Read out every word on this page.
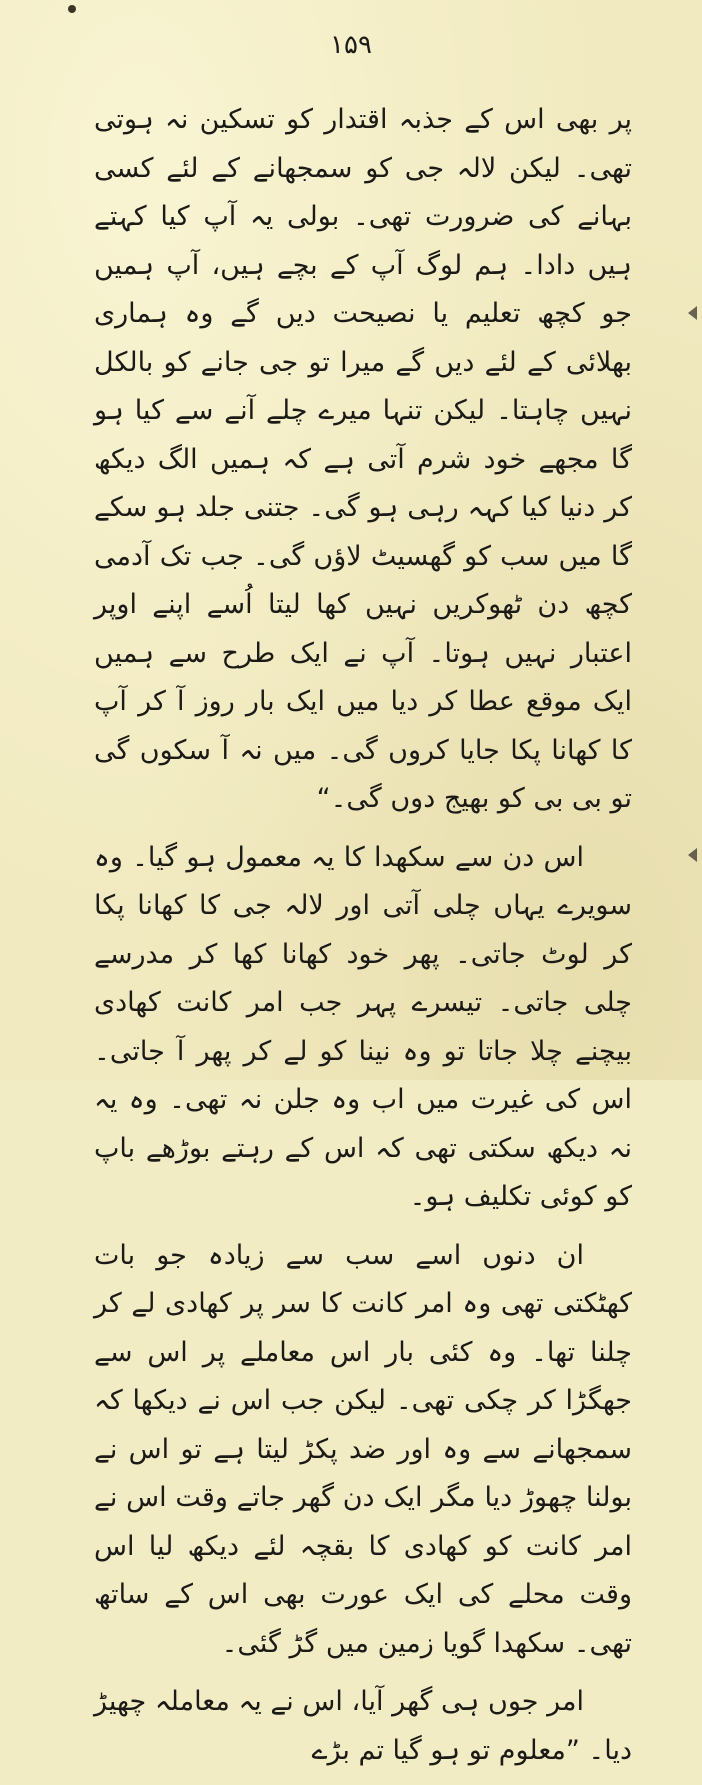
۱۵۹

پر بھی اس کے جذبہ اقتدار کو تسکین نہ ہوتی تھی۔ لیکن لالہ جی کو سمجھانے کے لئے کسی بہانے کی ضرورت تھی۔ بولی یہ آپ کیا کہتے ہیں دادا۔ ہم لوگ آپ کے بچے ہیں، آپ ہمیں جو کچھ تعلیم یا نصیحت دیں گے وہ ہماری بھلائی کے لئے دیں گے میرا تو جی جانے کو بالکل نہیں چاہتا۔ لیکن تنہا میرے چلے آنے سے کیا ہو گا مجھے خود شرم آتی ہے کہ ہمیں الگ دیکھ کر دنیا کیا کہہ رہی ہو گی۔ جتنی جلد ہو سکے گا میں سب کو گھسیٹ لاؤں گی۔ جب تک آدمی کچھ دن ٹھوکریں نہیں کھا لیتا اُسے اپنے اوپر اعتبار نہیں ہوتا۔ آپ نے ایک طرح سے ہمیں ایک موقع عطا کر دیا میں ایک بار روز آ کر آپ کا کھانا پکا جایا کروں گی۔ میں نہ آ سکوں گی تو بی بی کو بھیج دوں گی۔“

اس دن سے سکھدا کا یہ معمول ہو گیا۔ وہ سویرے یہاں چلی آتی اور لالہ جی کا کھانا پکا کر لوٹ جاتی۔ پھر خود کھانا کھا کر مدرسے چلی جاتی۔ تیسرے پہر جب امر کانت کھادی بیچنے چلا جاتا تو وہ نینا کو لے کر پھر آ جاتی۔ اس کی غیرت میں اب وہ جلن نہ تھی۔ وہ یہ نہ دیکھ سکتی تھی کہ اس کے رہتے بوڑھے باپ کو کوئی تکلیف ہو۔

ان دنوں اسے سب سے زیادہ جو بات کھٹکتی تھی وہ امر کانت کا سر پر کھادی لے کر چلنا تھا۔ وہ کئی بار اس معاملے پر اس سے جھگڑا کر چکی تھی۔ لیکن جب اس نے دیکھا کہ سمجھانے سے وہ اور ضد پکڑ لیتا ہے تو اس نے بولنا چھوڑ دیا مگر ایک دن گھر جاتے وقت اس نے امر کانت کو کھادی کا بقچہ لئے دیکھ لیا اس وقت محلے کی ایک عورت بھی اس کے ساتھ تھی۔ سکھدا گویا زمین میں گڑ گئی۔

امر جوں ہی گھر آیا، اس نے یہ معاملہ چھیڑ دیا۔ ”معلوم تو ہو گیا تم بڑے
